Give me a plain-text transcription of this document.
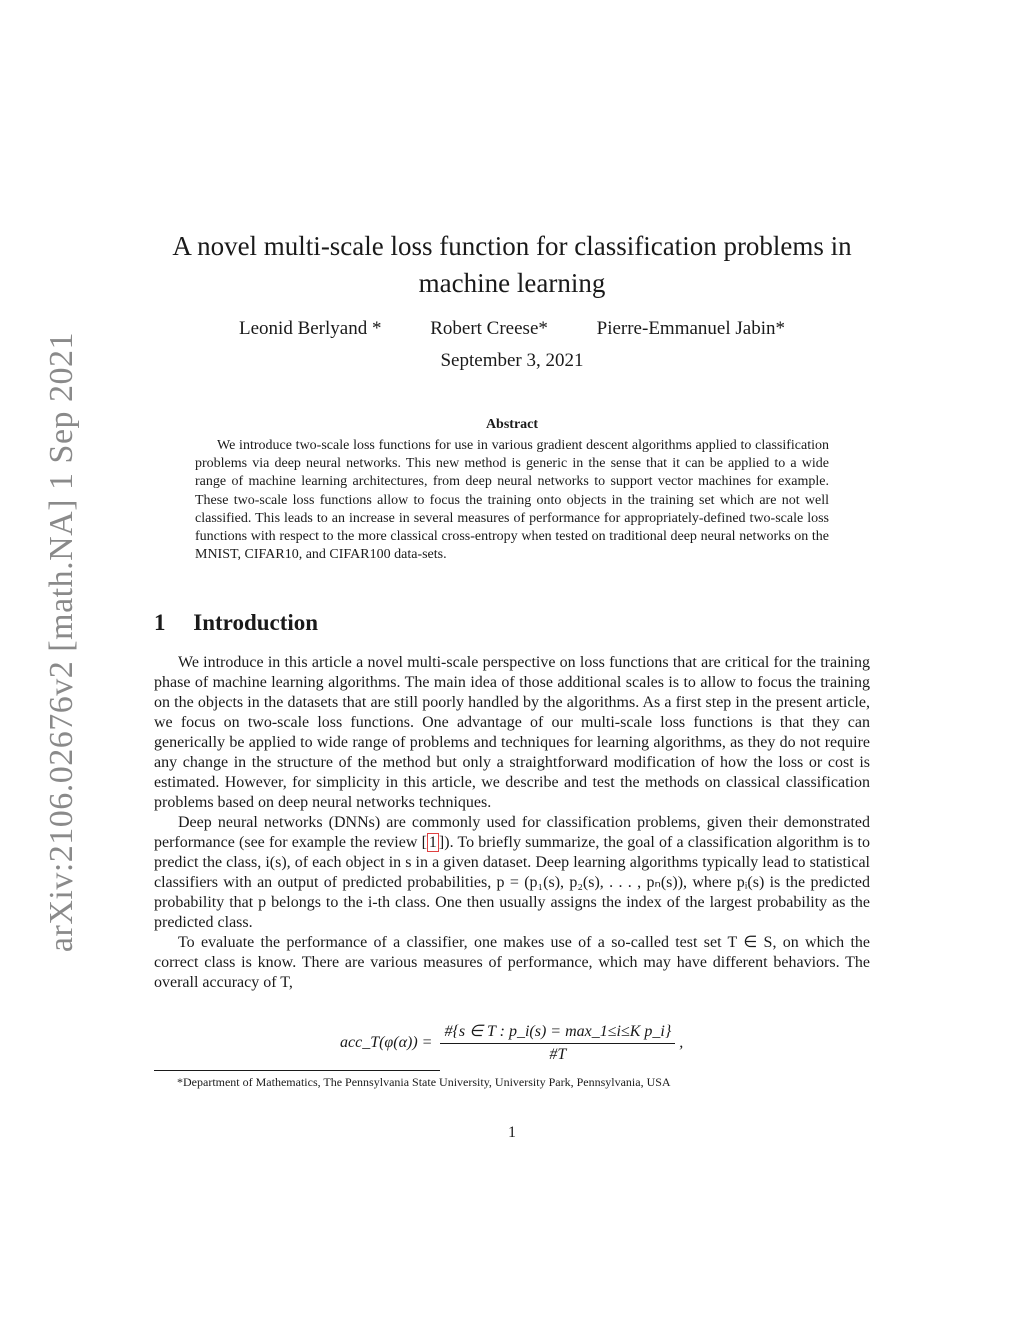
arXiv:2106.02676v2 [math.NA] 1 Sep 2021
A novel multi-scale loss function for classification problems in
machine learning
Leonid Berlyand *	Robert Creese*	Pierre-Emmanuel Jabin*
September 3, 2021
Abstract
We introduce two-scale loss functions for use in various gradient descent algorithms applied to classification problems via deep neural networks. This new method is generic in the sense that it can be applied to a wide range of machine learning architectures, from deep neural networks to support vector machines for example. These two-scale loss functions allow to focus the training onto objects in the training set which are not well classified. This leads to an increase in several measures of performance for appropriately-defined two-scale loss functions with respect to the more classical cross-entropy when tested on traditional deep neural networks on the MNIST, CIFAR10, and CIFAR100 data-sets.
1 Introduction

We introduce in this article a novel multi-scale perspective on loss functions that are critical for the training phase of machine learning algorithms. The main idea of those additional scales is to allow to focus the training on the objects in the datasets that are still poorly handled by the algorithms. As a first step in the present article, we focus on two-scale loss functions. One advantage of our multi-scale loss functions is that they can generically be applied to wide range of problems and techniques for learning algorithms, as they do not require any change in the structure of the method but only a straightforward modification of how the loss or cost is estimated. However, for simplicity in this article, we describe and test the methods on classical classification problems based on deep neural networks techniques.

Deep neural networks (DNNs) are commonly used for classification problems, given their demonstrated performance (see for example the review [ 1 ]). To briefly summarize, the goal of a classification algorithm is to predict the class, i(s), of each object in s in a given dataset. Deep learning algorithms typically lead to statistical classifiers with an output of predicted probabilities, p = (p₁(s), p₂(s), . . . , pₙ(s)), where pᵢ(s) is the predicted probability that p belongs to the i-th class. One then usually assigns the index of the largest probability as the predicted class.

To evaluate the performance of a classifier, one makes use of a so-called test set T ∈ S, on which the correct class is know. There are various measures of performance, which may have different behaviors. The overall accuracy of T,

acc_T(φ(α)) = $\frac{\text{\#\{s ∈ T : p\_i(s) = max\_1≤i≤K p\_i\}}}{\#T}$ ,
*Department of Mathematics, The Pennsylvania State University, University Park, Pennsylvania, USA
1
